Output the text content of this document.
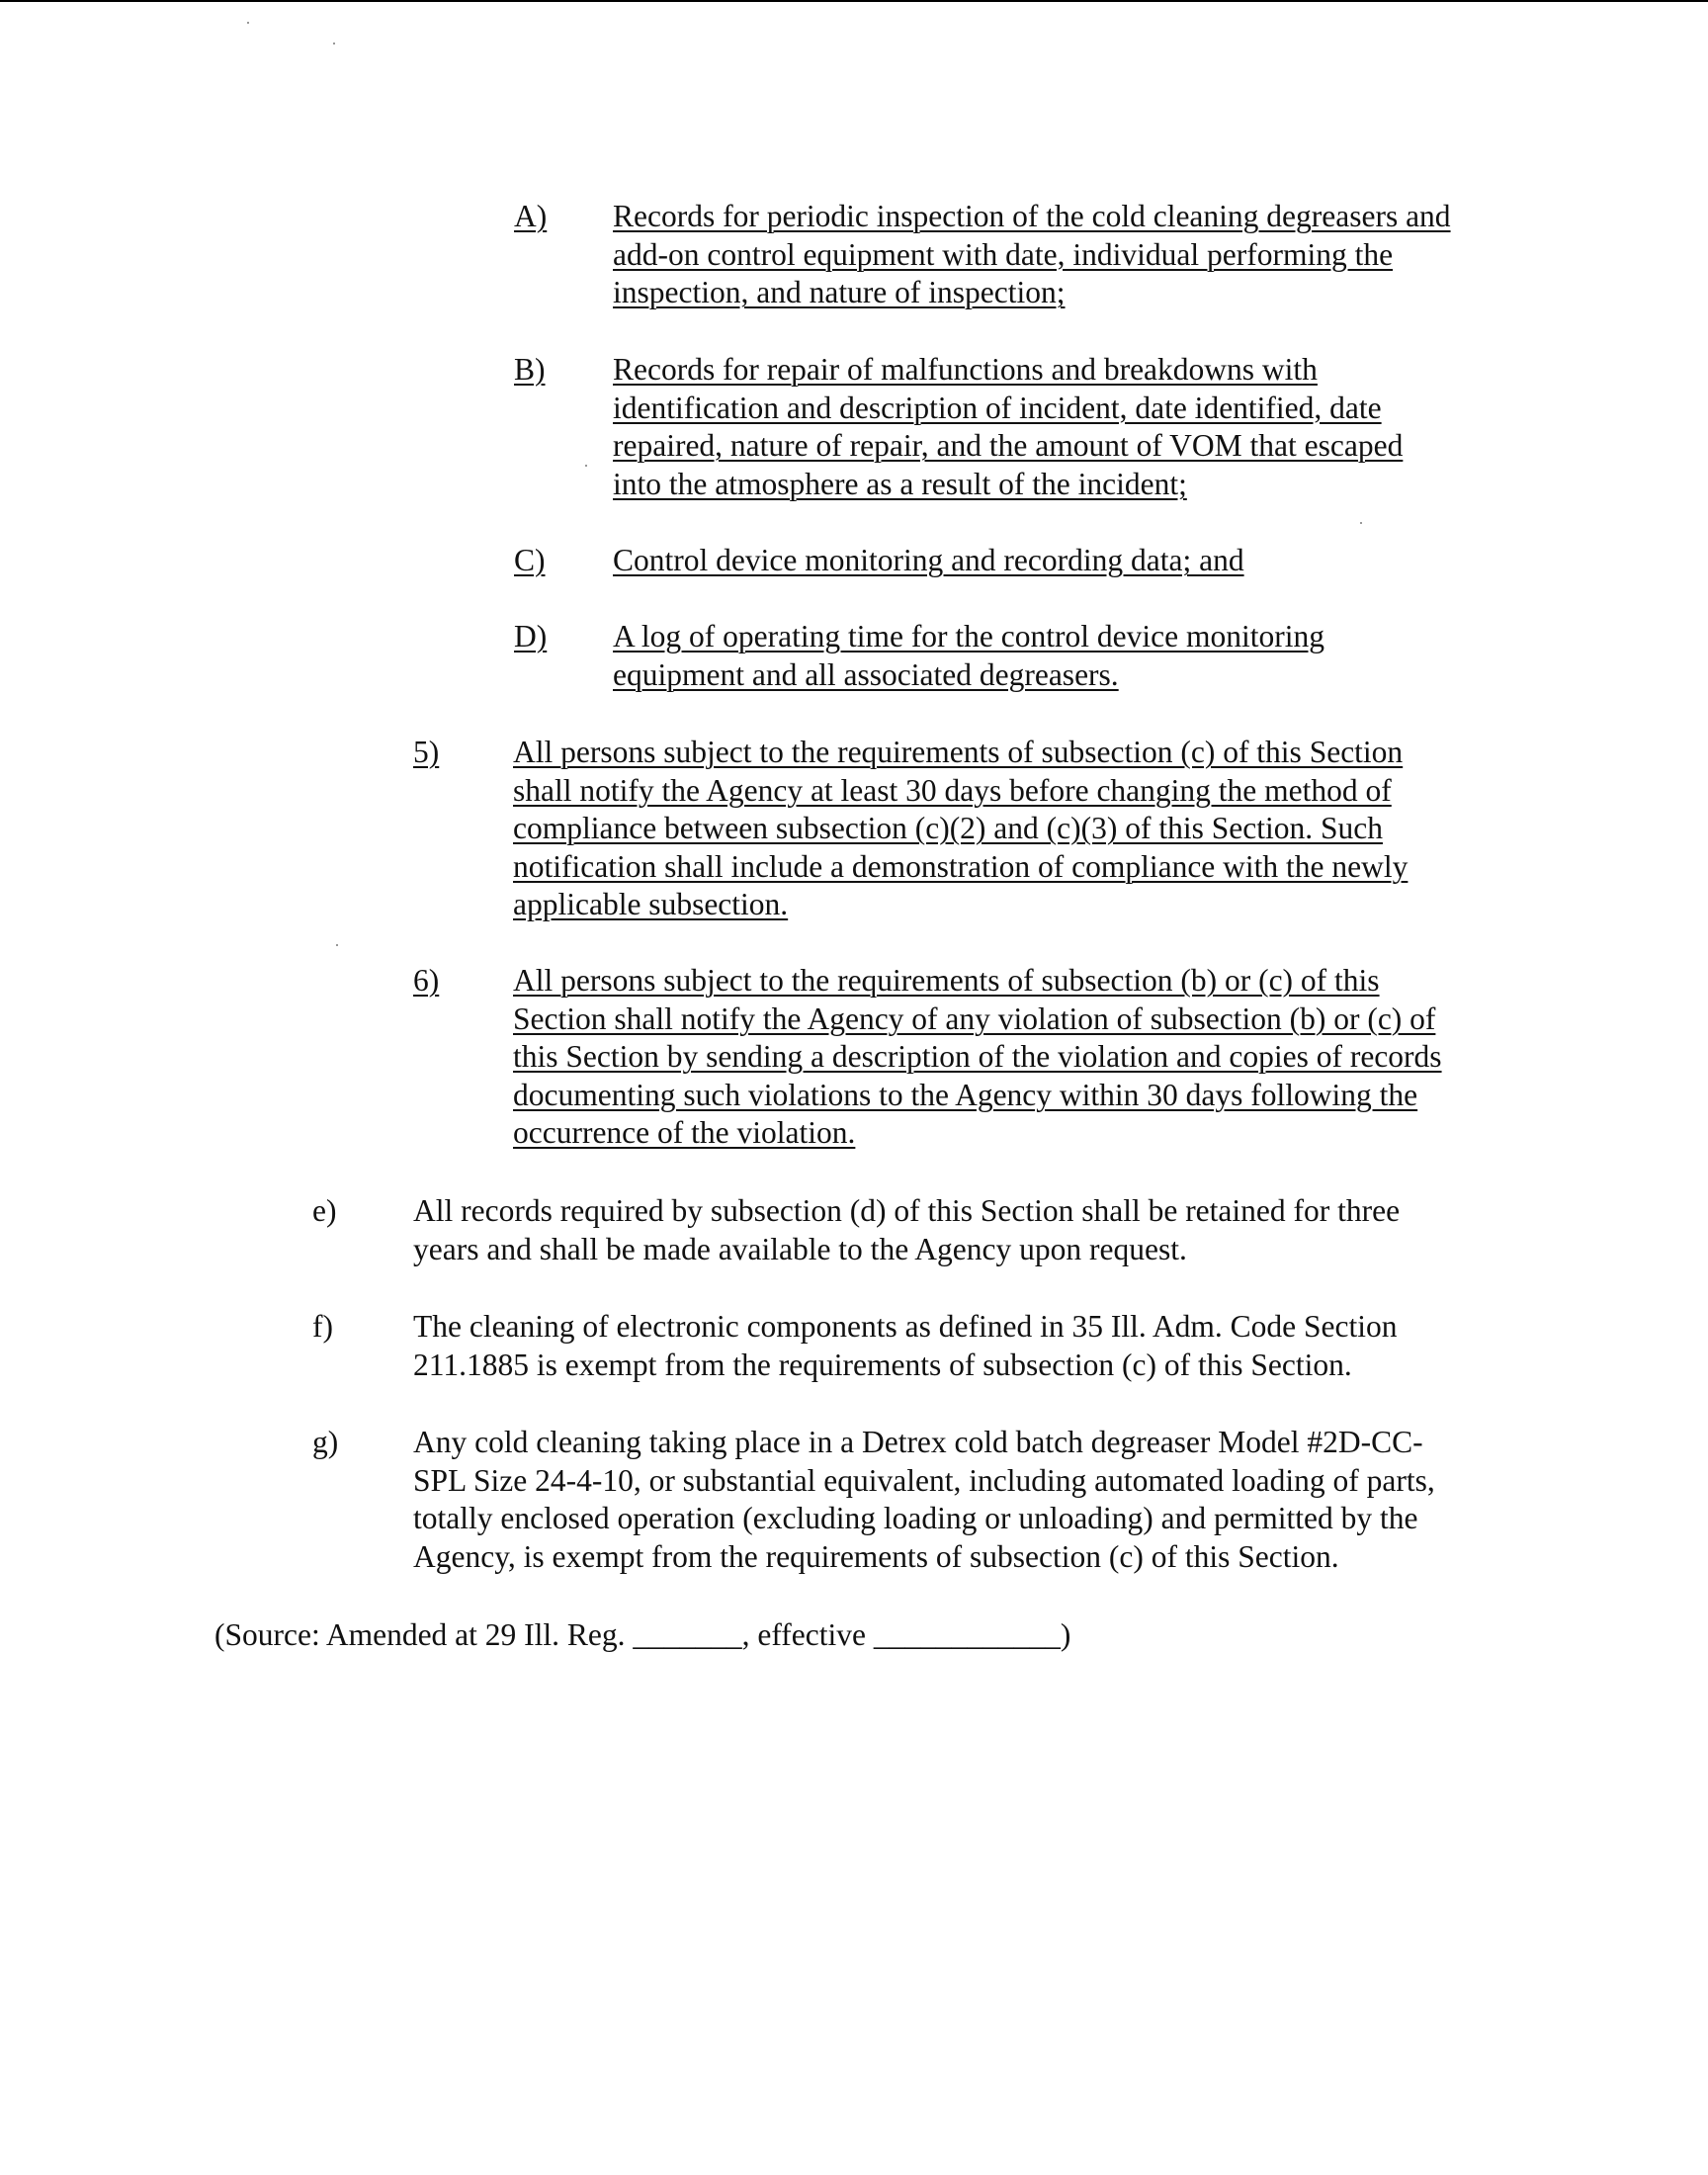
A) Records for periodic inspection of the cold cleaning degreasers and
add-on control equipment with date, individual performing the
inspection, and nature of inspection;
B) Records for repair of malfunctions and breakdowns with
identification and description of incident, date identified, date
repaired, nature of repair, and the amount of VOM that escaped
into the atmosphere as a result of the incident;
C) Control device monitoring and recording data; and
D) A log of operating time for the control device monitoring
equipment and all associated degreasers.
5) All persons subject to the requirements of subsection (c) of this Section
shall notify the Agency at least 30 days before changing the method of
compliance between subsection (c)(2) and (c)(3) of this Section. Such
notification shall include a demonstration of compliance with the newly
applicable subsection.
6) All persons subject to the requirements of subsection (b) or (c) of this
Section shall notify the Agency of any violation of subsection (b) or (c) of
this Section by sending a description of the violation and copies of records
documenting such violations to the Agency within 30 days following the
occurrence of the violation.
e) All records required by subsection (d) of this Section shall be retained for three
years and shall be made available to the Agency upon request.
f)	The cleaning of electronic components as defined in 35 Ill. Adm. Code Section
211.1885 is exempt from the requirements of subsection (c) of this Section.
g) Any cold cleaning taking place in a Detrex cold batch degreaser Model #2D-CC-
SPL Size 24-4-10, or substantial equivalent, including automated loading of parts,
totally enclosed operation (excluding loading or unloading) and permitted by the
Agency, is exempt from the requirements of subsection (c) of this Section.
(Source: Amended at 29 Ill. Reg. _______, effective ____________)
